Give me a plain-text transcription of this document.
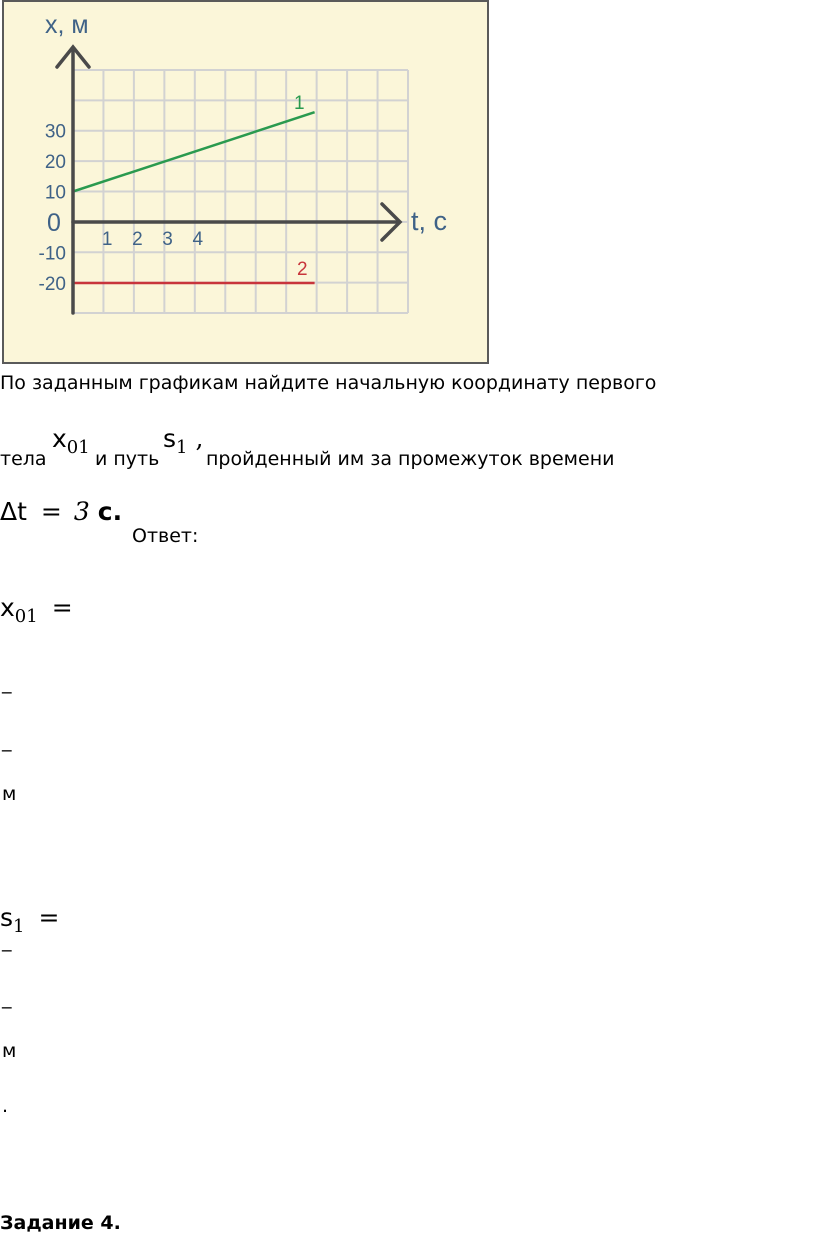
x, м
t, с
0
30
20
10
-10
-20
1 2 3 4
1
2
По заданным графикам найдите начальную координату первого
тела
$x_{01}$
и путь
$s_1$ ,
пройденный им за промежуток времени
Δt = 3 с.
Ответ:
$x_{01}$ =
_
_
м
$s_1$ =
_
_
м
.
Задание 4.
